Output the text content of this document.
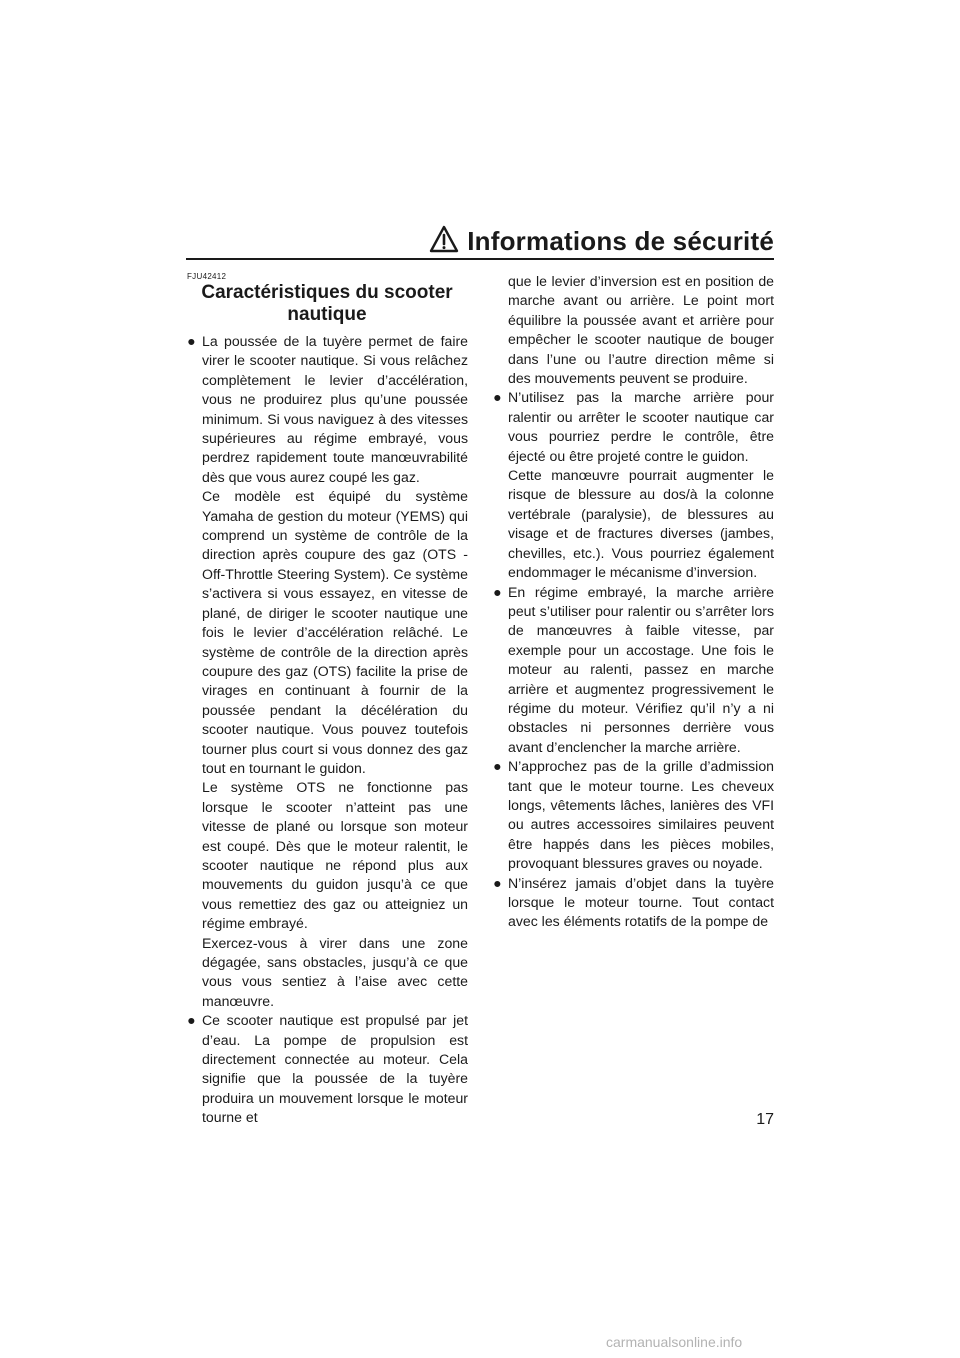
Informations de sécurité
FJU42412
Caractéristiques du scooter
nautique
● La poussée de la tuyère permet de faire virer le scooter nautique. Si vous relâchez complètement le levier d’accélération, vous ne produirez plus qu’une poussée minimum. Si vous naviguez à des vitesses supérieures au régime embrayé, vous perdrez rapidement toute manœuvrabilité dès que vous aurez coupé les gaz.

Ce modèle est équipé du système Yamaha de gestion du moteur (YEMS) qui comprend un système de contrôle de la direction après coupure des gaz (OTS - Off-Throttle Steering System). Ce système s’activera si vous essayez, en vitesse de plané, de diriger le scooter nautique une fois le levier d’accélération relâché. Le système de contrôle de la direction après coupure des gaz (OTS) facilite la prise de virages en continuant à fournir de la poussée pendant la décélération du scooter nautique. Vous pouvez toutefois tourner plus court si vous donnez des gaz tout en tournant le guidon.

Le système OTS ne fonctionne pas lorsque le scooter n’atteint pas une vitesse de plané ou lorsque son moteur est coupé. Dès que le moteur ralentit, le scooter nautique ne répond plus aux mouvements du guidon jusqu’à ce que vous remettiez des gaz ou atteigniez un régime embrayé.

Exercez-vous à virer dans une zone dégagée, sans obstacles, jusqu’à ce que vous vous sentiez à l’aise avec cette manœuvre.

● Ce scooter nautique est propulsé par jet d’eau. La pompe de propulsion est directement connectée au moteur. Cela signifie que la poussée de la tuyère produira un mouvement lorsque le moteur tourne et

que le levier d’inversion est en position de marche avant ou arrière. Le point mort équilibre la poussée avant et arrière pour empêcher le scooter nautique de bouger dans l’une ou l’autre direction même si des mouvements peuvent se produire.

● N’utilisez pas la marche arrière pour ralentir ou arrêter le scooter nautique car vous pourriez perdre le contrôle, être éjecté ou être projeté contre le guidon.

Cette manœuvre pourrait augmenter le risque de blessure au dos/à la colonne vertébrale (paralysie), de blessures au visage et de fractures diverses (jambes, chevilles, etc.). Vous pourriez également endommager le mécanisme d’inversion.

● En régime embrayé, la marche arrière peut s’utiliser pour ralentir ou s’arrêter lors de manœuvres à faible vitesse, par exemple pour un accostage. Une fois le moteur au ralenti, passez en marche arrière et augmentez progressivement le régime du moteur. Vérifiez qu’il n’y a ni obstacles ni personnes derrière vous avant d’enclencher la marche arrière.

● N’approchez pas de la grille d’admission tant que le moteur tourne. Les cheveux longs, vêtements lâches, lanières des VFI ou autres accessoires similaires peuvent être happés dans les pièces mobiles, provoquant blessures graves ou noyade.

● N’insérez jamais d’objet dans la tuyère lorsque le moteur tourne. Tout contact avec les éléments rotatifs de la pompe de

17
carmanualsonline.info
